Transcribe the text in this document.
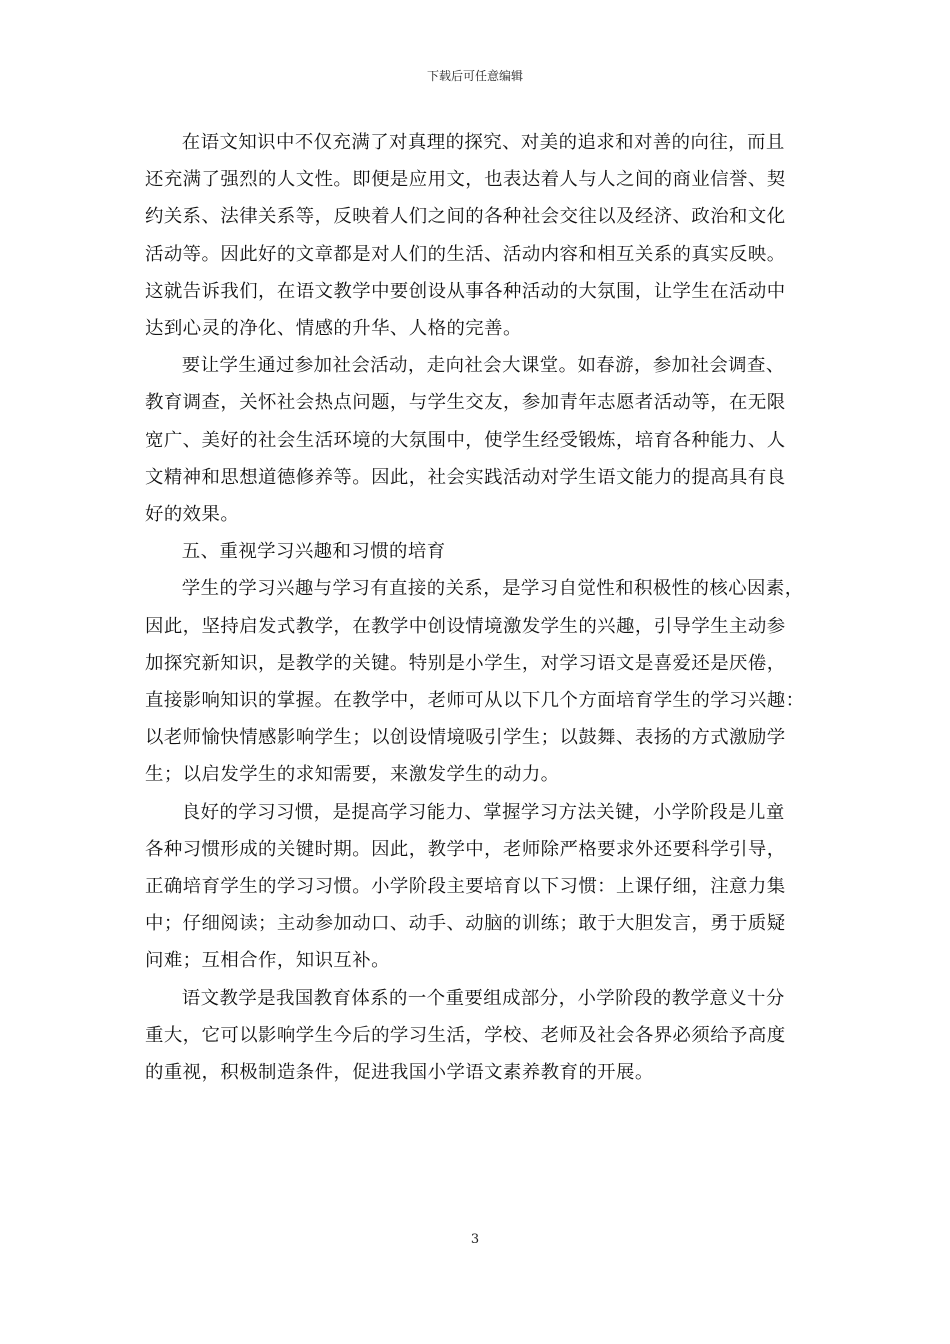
下载后可任意编辑
在语文知识中不仅充满了对真理的探究、对美的追求和对善的向往，而且
还充满了强烈的人文性。即便是应用文，也表达着人与人之间的商业信誉、契
约关系、法律关系等，反映着人们之间的各种社会交往以及经济、政治和文化
活动等。因此好的文章都是对人们的生活、活动内容和相互关系的真实反映。
这就告诉我们，在语文教学中要创设从事各种活动的大氛围，让学生在活动中
达到心灵的净化、情感的升华、人格的完善。
要让学生通过参加社会活动，走向社会大课堂。如春游，参加社会调查、
教育调查，关怀社会热点问题，与学生交友，参加青年志愿者活动等，在无限
宽广、美好的社会生活环境的大氛围中，使学生经受锻炼，培育各种能力、人
文精神和思想道德修养等。因此，社会实践活动对学生语文能力的提高具有良
好的效果。
五、重视学习兴趣和习惯的培育
学生的学习兴趣与学习有直接的关系，是学习自觉性和积极性的核心因素，
因此，坚持启发式教学，在教学中创设情境激发学生的兴趣，引导学生主动参
加探究新知识，是教学的关键。特别是小学生，对学习语文是喜爱还是厌倦，
直接影响知识的掌握。在教学中，老师可从以下几个方面培育学生的学习兴趣：
以老师愉快情感影响学生；以创设情境吸引学生；以鼓舞、表扬的方式激励学
生；以启发学生的求知需要，来激发学生的动力。
良好的学习习惯，是提高学习能力、掌握学习方法关键，小学阶段是儿童
各种习惯形成的关键时期。因此，教学中，老师除严格要求外还要科学引导，
正确培育学生的学习习惯。小学阶段主要培育以下习惯：上课仔细，注意力集
中；仔细阅读；主动参加动口、动手、动脑的训练；敢于大胆发言，勇于质疑
问难；互相合作，知识互补。
语文教学是我国教育体系的一个重要组成部分，小学阶段的教学意义十分
重大，它可以影响学生今后的学习生活，学校、老师及社会各界必须给予高度
的重视，积极制造条件，促进我国小学语文素养教育的开展。
3
